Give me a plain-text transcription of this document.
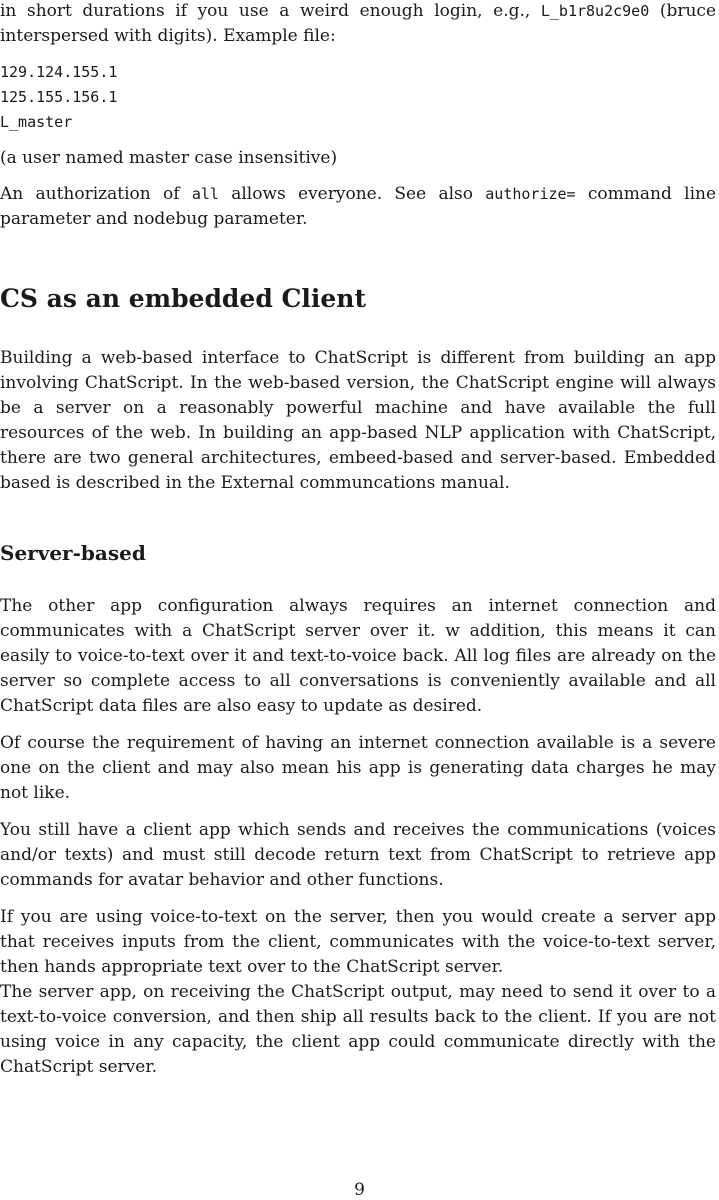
in short durations if you use a weird enough login, e.g., L_b1r8u2c9e0 (bruce interspersed with digits). Example file:

129.124.155.1
125.155.156.1
L_master

(a user named master case insensitive)

An authorization of all allows everyone. See also authorize= command line parameter and nodebug parameter.

CS as an embedded Client

Building a web-based interface to ChatScript is different from building an app involving ChatScript. In the web-based version, the ChatScript engine will always be a server on a reasonably powerful machine and have available the full resources of the web. In building an app-based NLP application with ChatScript, there are two general architectures, embeed-based and server-based. Embedded based is described in the External communcations manual.

Server-based

The other app configuration always requires an internet connection and communicates with a ChatScript server over it. w addition, this means it can easily to voice-to-text over it and text-to-voice back. All log files are already on the server so complete access to all conversations is conveniently available and all ChatScript data files are also easy to update as desired.

Of course the requirement of having an internet connection available is a severe one on the client and may also mean his app is generating data charges he may not like.

You still have a client app which sends and receives the communications (voices and/or texts) and must still decode return text from ChatScript to retrieve app commands for avatar behavior and other functions.

If you are using voice-to-text on the server, then you would create a server app that receives inputs from the client, communicates with the voice-to-text server, then hands appropriate text over to the ChatScript server.

The server app, on receiving the ChatScript output, may need to send it over to a text-to-voice conversion, and then ship all results back to the client. If you are not using voice in any capacity, the client app could communicate directly with the ChatScript server.

9
